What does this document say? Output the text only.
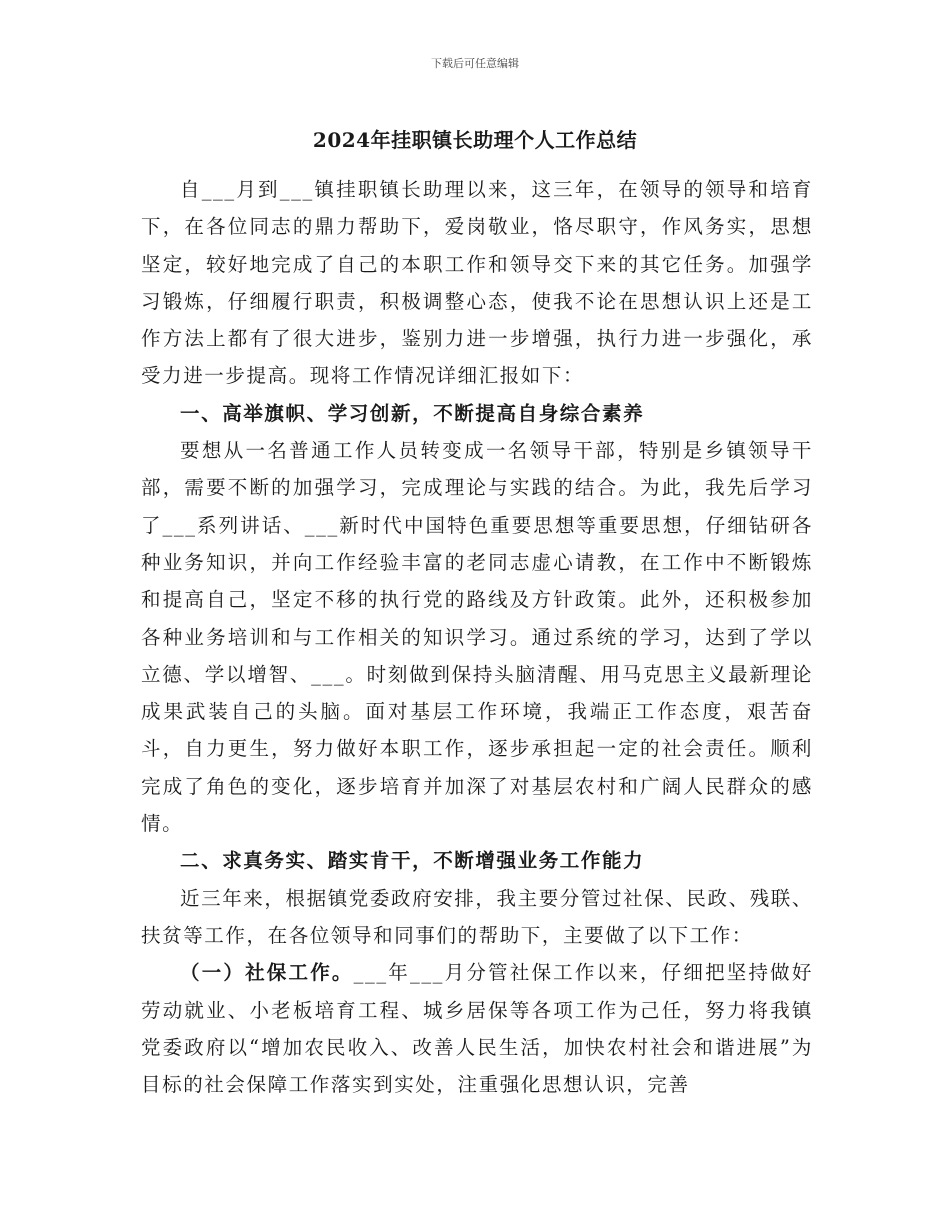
下载后可任意编辑
2024年挂职镇长助理个人工作总结

自___月到___镇挂职镇长助理以来，这三年，在领导的领导和培育下，在各位同志的鼎力帮助下，爱岗敬业，恪尽职守，作风务实，思想坚定，较好地完成了自己的本职工作和领导交下来的其它任务。加强学习锻炼，仔细履行职责，积极调整心态，使我不论在思想认识上还是工作方法上都有了很大进步，鉴别力进一步增强，执行力进一步强化，承受力进一步提高。现将工作情况详细汇报如下：

一、高举旗帜、学习创新，不断提高自身综合素养

要想从一名普通工作人员转变成一名领导干部，特别是乡镇领导干部，需要不断的加强学习，完成理论与实践的结合。为此，我先后学习了___系列讲话、___新时代中国特色重要思想等重要思想，仔细钻研各种业务知识，并向工作经验丰富的老同志虚心请教，在工作中不断锻炼和提高自己，坚定不移的执行党的路线及方针政策。此外，还积极参加各种业务培训和与工作相关的知识学习。通过系统的学习，达到了学以立德、学以增智、___。时刻做到保持头脑清醒、用马克思主义最新理论成果武装自己的头脑。面对基层工作环境，我端正工作态度，艰苦奋斗，自力更生，努力做好本职工作，逐步承担起一定的社会责任。顺利完成了角色的变化，逐步培育并加深了对基层农村和广阔人民群众的感情。

二、求真务实、踏实肯干，不断增强业务工作能力

近三年来，根据镇党委政府安排，我主要分管过社保、民政、残联、扶贫等工作，在各位领导和同事们的帮助下，主要做了以下工作：

（一）社保工作。___年___月分管社保工作以来，仔细把坚持做好劳动就业、小老板培育工程、城乡居保等各项工作为己任，努力将我镇党委政府以“增加农民收入、改善人民生活，加快农村社会和谐进展”为目标的社会保障工作落实到实处，注重强化思想认识，完善
